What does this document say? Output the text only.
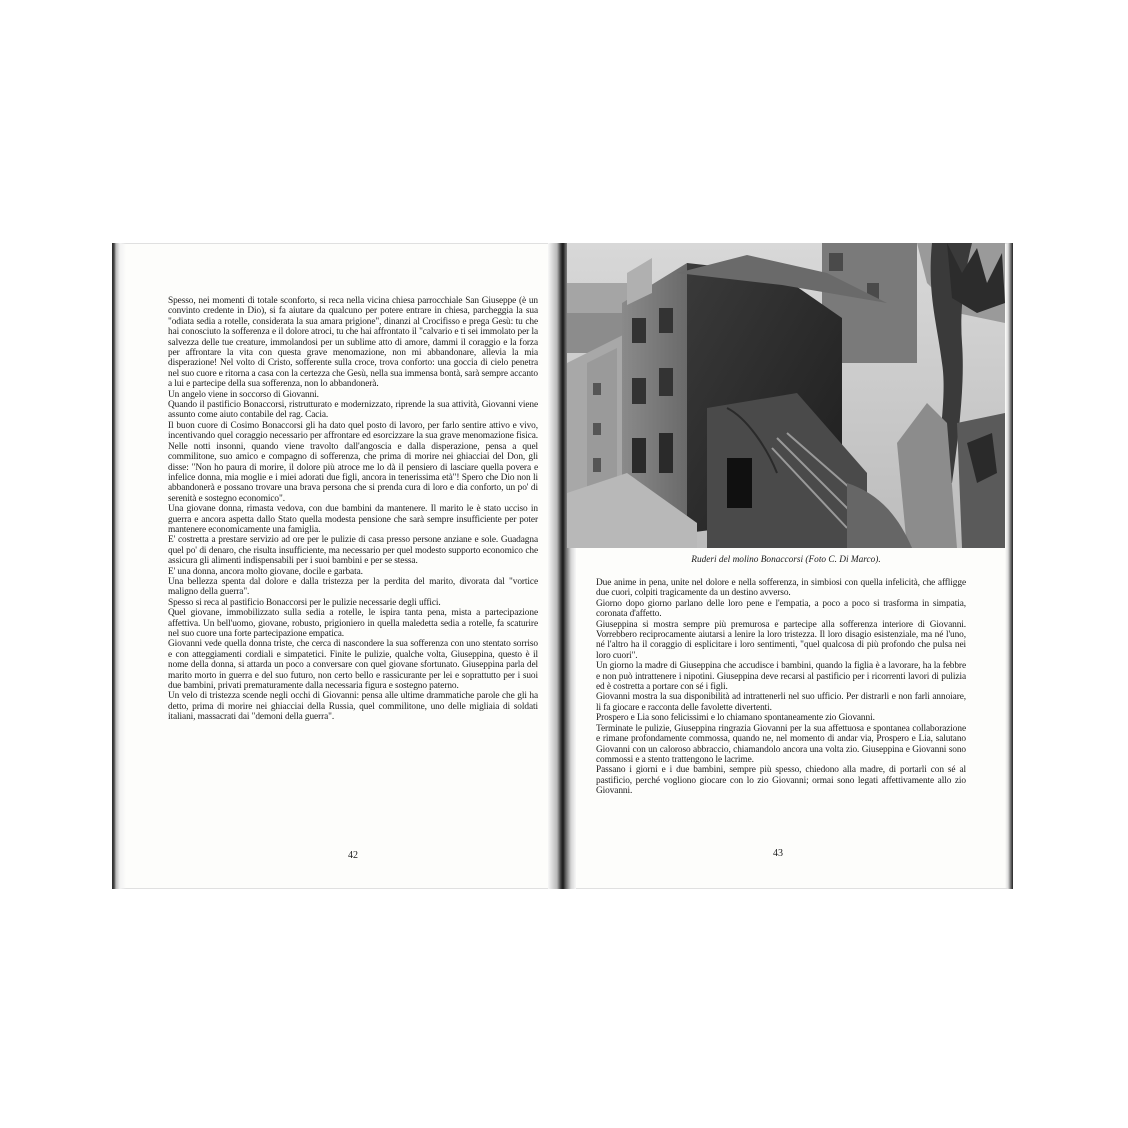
Spesso, nei momenti di totale sconforto, si reca nella vicina chiesa parrocchiale San Giuseppe (è un convinto credente in Dio), si fa aiutare da qualcuno per potere entrare in chiesa, parcheggia la sua "odiata sedia a rotelle, considerata la sua amara prigione", dinanzi al Crocifisso e prega Gesù: tu che hai conosciuto la sofferenza e il dolore atroci, tu che hai affrontato il "calvario e ti sei immolato per la salvezza delle tue creature, immolandosi per un sublime atto di amore, dammi il coraggio e la forza per affrontare la vita con questa grave menomazione, non mi abbandonare, allevia la mia disperazione! Nel volto di Cristo, sofferente sulla croce, trova conforto: una goccia di cielo penetra nel suo cuore e ritorna a casa con la certezza che Gesù, nella sua immensa bontà, sarà sempre accanto a lui e partecipe della sua sofferenza, non lo abbandonerà.

Un angelo viene in soccorso di Giovanni.

Quando il pastificio Bonaccorsi, ristrutturato e modernizzato, riprende la sua attività, Giovanni viene assunto come aiuto contabile del rag. Cacia.

Il buon cuore di Cosimo Bonaccorsi gli ha dato quel posto di lavoro, per farlo sentire attivo e vivo, incentivando quel coraggio necessario per affrontare ed esorcizzare la sua grave menomazione fisica. Nelle notti insonni, quando viene travolto dall'angoscia e dalla disperazione, pensa a quel commilitone, suo amico e compagno di sofferenza, che prima di morire nei ghiacciai del Don, gli disse: "Non ho paura di morire, il dolore più atroce me lo dà il pensiero di lasciare quella povera e infelice donna, mia moglie e i miei adorati due figli, ancora in tenerissima età"! Spero che Dio non li abbandonerà e possano trovare una brava persona che si prenda cura di loro e dia conforto, un po' di serenità e sostegno economico".

Una giovane donna, rimasta vedova, con due bambini da mantenere. Il marito le è stato ucciso in guerra e ancora aspetta dallo Stato quella modesta pensione che sarà sempre insufficiente per poter mantenere economicamente una famiglia.

E' costretta a prestare servizio ad ore per le pulizie di casa presso persone anziane e sole. Guadagna quel po' di denaro, che risulta insufficiente, ma necessario per quel modesto supporto economico che assicura gli alimenti indispensabili per i suoi bambini e per se stessa.

E' una donna, ancora molto giovane, docile e garbata.

Una bellezza spenta dal dolore e dalla tristezza per la perdita del marito, divorata dal "vortice maligno della guerra".

Spesso si reca al pastificio Bonaccorsi per le pulizie necessarie degli uffici.

Quel giovane, immobilizzato sulla sedia a rotelle, le ispira tanta pena, mista a partecipazione affettiva. Un bell'uomo, giovane, robusto, prigioniero in quella maledetta sedia a rotelle, fa scaturire nel suo cuore una forte partecipazione empatica.

Giovanni vede quella donna triste, che cerca di nascondere la sua sofferenza con uno stentato sorriso e con atteggiamenti cordiali e simpatetici. Finite le pulizie, qualche volta, Giuseppina, questo è il nome della donna, si attarda un poco a conversare con quel giovane sfortunato. Giuseppina parla del marito morto in guerra e del suo futuro, non certo bello e rassicurante per lei e soprattutto per i suoi due bambini, privati prematuramente dalla necessaria figura e sostegno paterno.

Un velo di tristezza scende negli occhi di Giovanni: pensa alle ultime drammatiche parole che gli ha detto, prima di morire nei ghiacciai della Russia, quel commilitone, uno delle migliaia di soldati italiani, massacrati dai "demoni della guerra".

42
Ruderi del molino Bonaccorsi (Foto C. Di Marco).

Due anime in pena, unite nel dolore e nella sofferenza, in simbiosi con quella infelicità, che affligge due cuori, colpiti tragicamente da un destino avverso.

Giorno dopo giorno parlano delle loro pene e l'empatia, a poco a poco si trasforma in simpatia, coronata d'affetto.

Giuseppina si mostra sempre più premurosa e partecipe alla sofferenza interiore di Giovanni. Vorrebbero reciprocamente aiutarsi a lenire la loro tristezza. Il loro disagio esistenziale, ma né l'uno, né l'altro ha il coraggio di esplicitare i loro sentimenti, "quel qualcosa di più profondo che pulsa nei loro cuori".

Un giorno la madre di Giuseppina che accudisce i bambini, quando la figlia è a lavorare, ha la febbre e non può intrattenere i nipotini. Giuseppina deve recarsi al pastificio per i ricorrenti lavori di pulizia ed è costretta a portare con sé i figli.

Giovanni mostra la sua disponibilità ad intrattenerli nel suo ufficio. Per distrarli e non farli annoiare, li fa giocare e racconta delle favolette divertenti.

Prospero e Lia sono felicissimi e lo chiamano spontaneamente zio Giovanni.

Terminate le pulizie, Giuseppina ringrazia Giovanni per la sua affettuosa e spontanea collaborazione e rimane profondamente commossa, quando ne, nel momento di andar via, Prospero e Lia, salutano Giovanni con un caloroso abbraccio, chiamandolo ancora una volta zio. Giuseppina e Giovanni sono commossi e a stento trattengono le lacrime.

Passano i giorni e i due bambini, sempre più spesso, chiedono alla madre, di portarli con sé al pastificio, perché vogliono giocare con lo zio Giovanni; ormai sono legati affettivamente allo zio Giovanni.

43
